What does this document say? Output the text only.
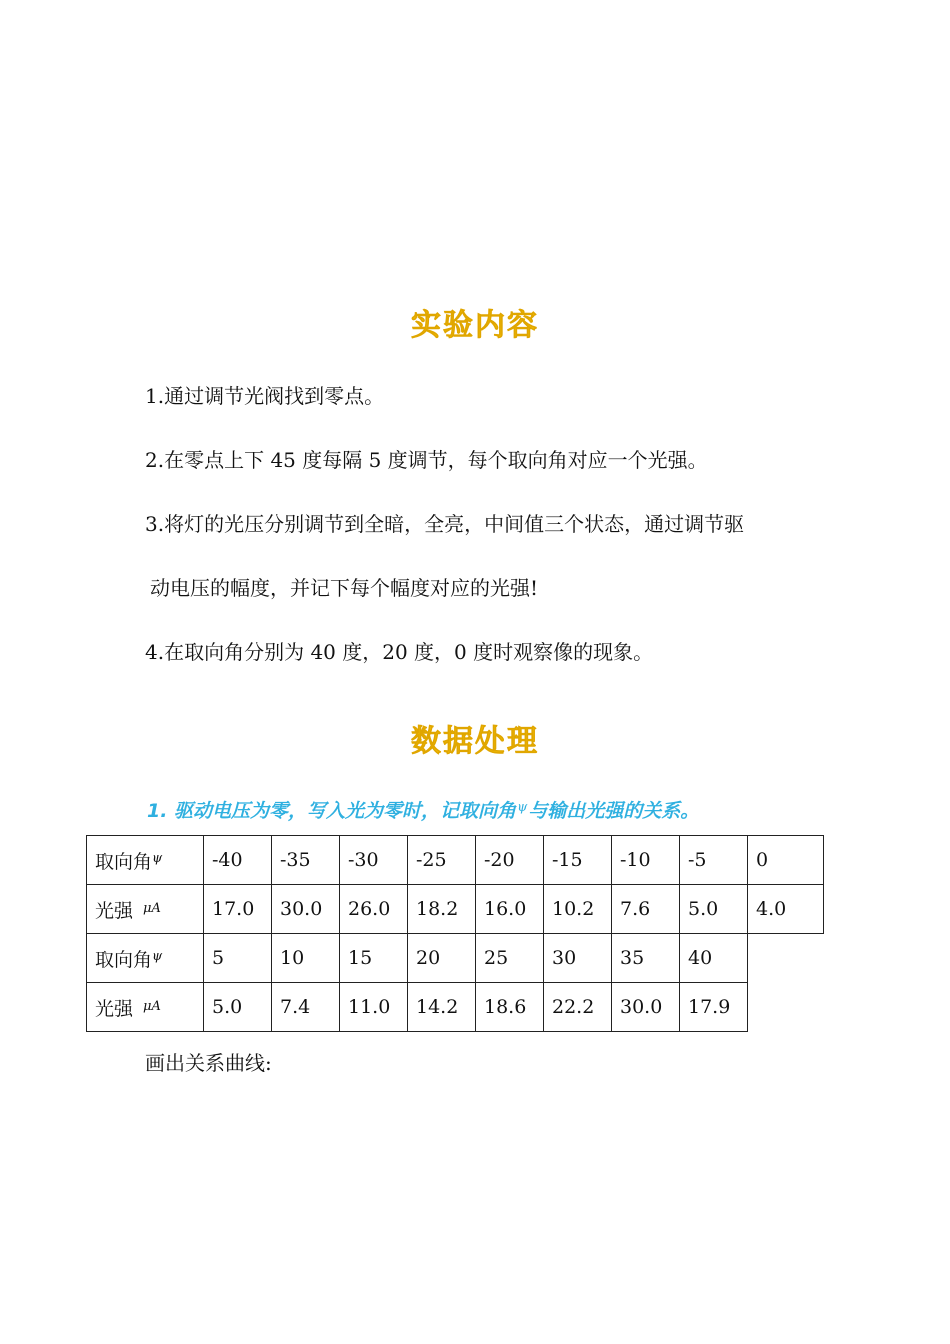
实验内容
1.通过调节光阀找到零点。
2.在零点上下 45 度每隔 5 度调节，每个取向角对应一个光强。
3.将灯的光压分别调节到全暗，全亮，中间值三个状态，通过调节驱
动电压的幅度，并记下每个幅度对应的光强!
4.在取向角分别为 40 度，20 度，0 度时观察像的现象。
数据处理
1. 驱动电压为零，写入光为零时，记取向角$^\psi$与输出光强的关系。
取向角$^\psi$	-40	-35	-30	-25	-20	-15	-10	-5	0
光强 $^{\mu A}$	17.0	30.0	26.0	18.2	16.0	10.2	7.6	5.0	4.0
取向角$^\psi$	5	10	15	20	25	30	35	40	
光强 $^{\mu A}$	5.0	7.4	11.0	14.2	18.6	22.2	30.0	17.9	
画出关系曲线:
